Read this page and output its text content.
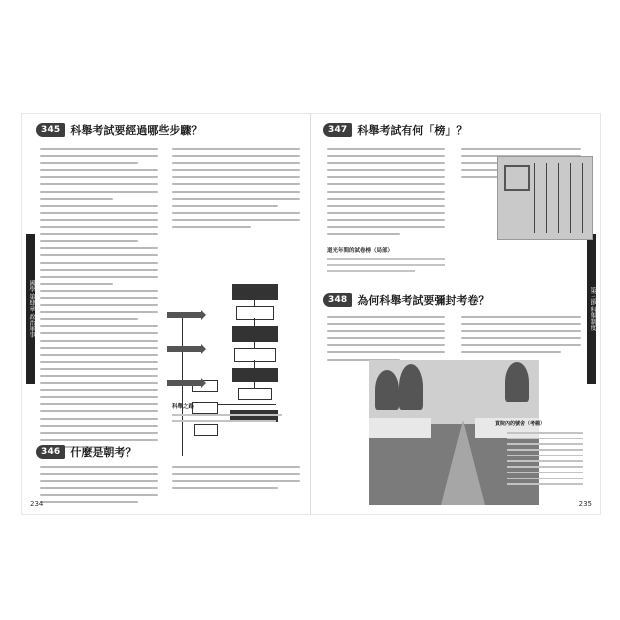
國學 第肆章 政治軍事
345 科舉考試要經過哪些步驟？
科舉之路
346 什麼是朝考？
234
第三節 科舉制度
347 科舉考試有何「榜」？
道光年間的試卷榜（局部）
348 為何科舉考試要彌封考卷？
貢院內的號舍（考棚）
235
